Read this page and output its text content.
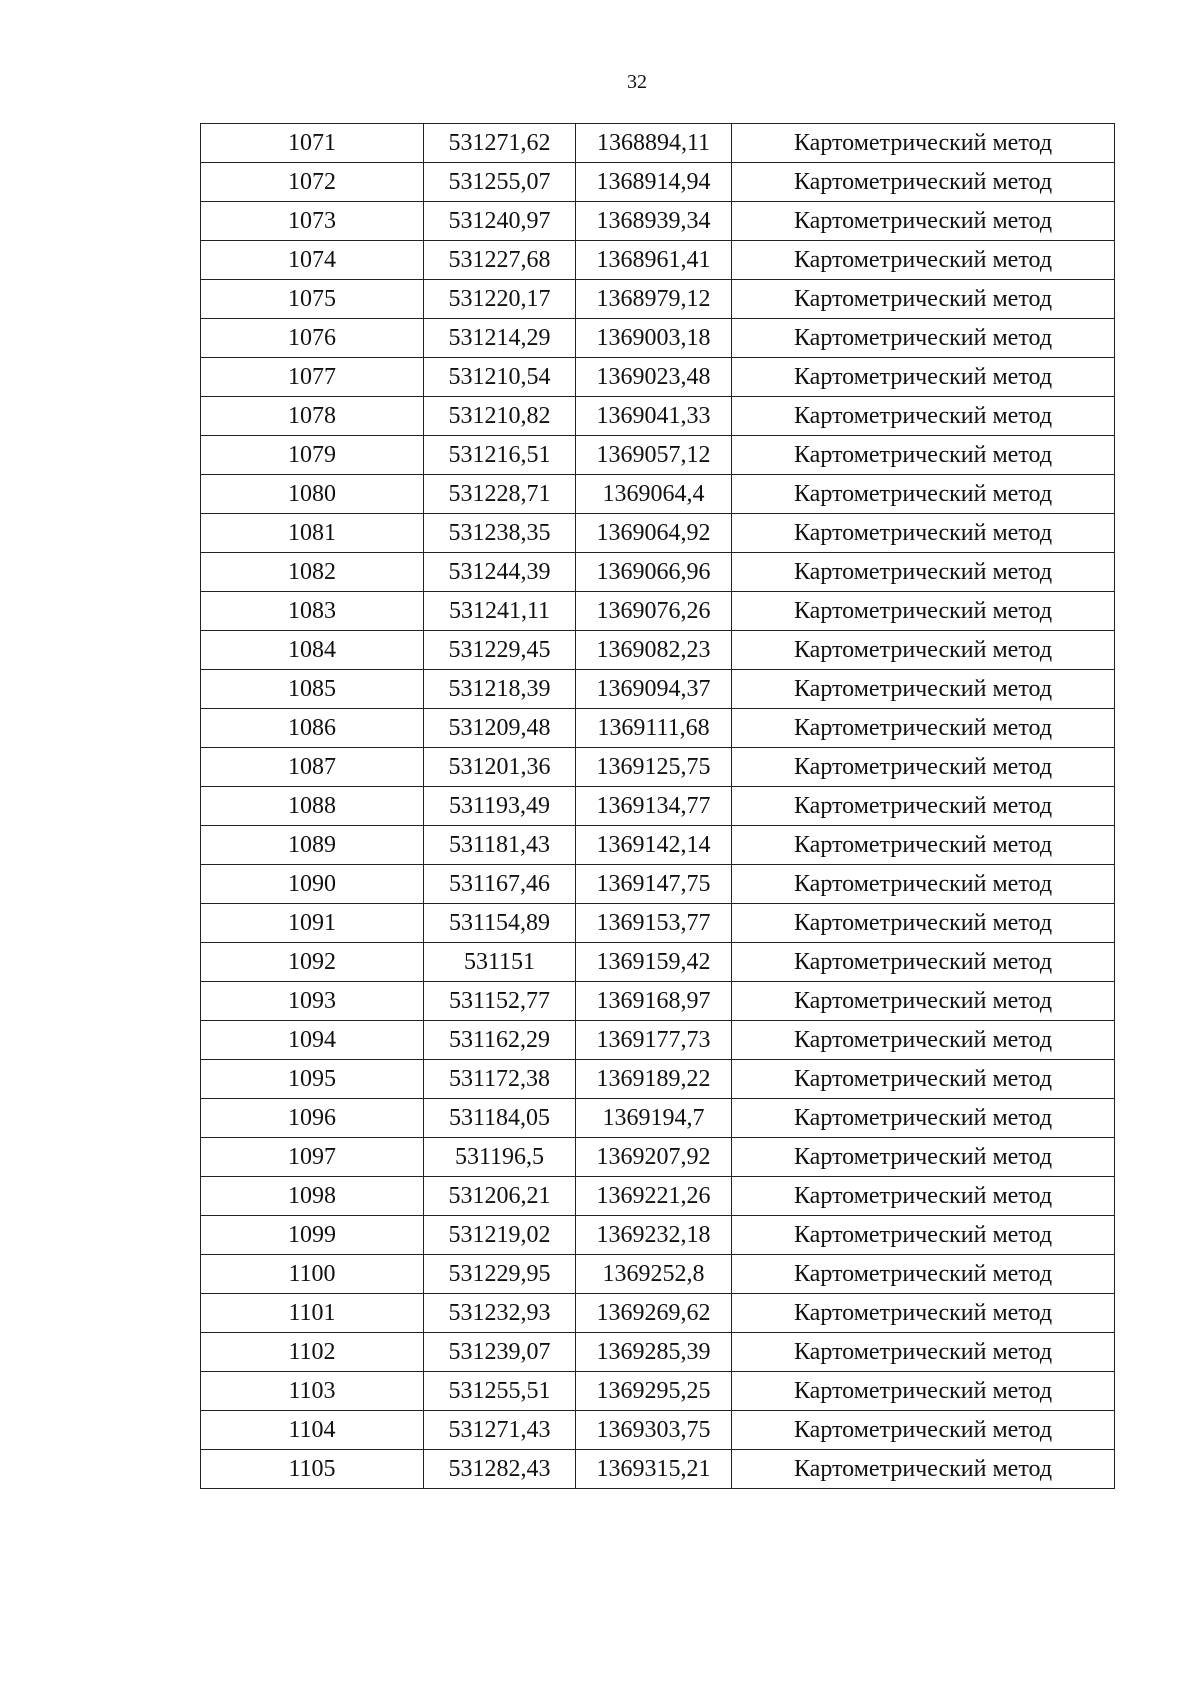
32
1071	531271,62	1368894,11	Картометрический метод
1072	531255,07	1368914,94	Картометрический метод
1073	531240,97	1368939,34	Картометрический метод
1074	531227,68	1368961,41	Картометрический метод
1075	531220,17	1368979,12	Картометрический метод
1076	531214,29	1369003,18	Картометрический метод
1077	531210,54	1369023,48	Картометрический метод
1078	531210,82	1369041,33	Картометрический метод
1079	531216,51	1369057,12	Картометрический метод
1080	531228,71	1369064,4	Картометрический метод
1081	531238,35	1369064,92	Картометрический метод
1082	531244,39	1369066,96	Картометрический метод
1083	531241,11	1369076,26	Картометрический метод
1084	531229,45	1369082,23	Картометрический метод
1085	531218,39	1369094,37	Картометрический метод
1086	531209,48	1369111,68	Картометрический метод
1087	531201,36	1369125,75	Картометрический метод
1088	531193,49	1369134,77	Картометрический метод
1089	531181,43	1369142,14	Картометрический метод
1090	531167,46	1369147,75	Картометрический метод
1091	531154,89	1369153,77	Картометрический метод
1092	531151	1369159,42	Картометрический метод
1093	531152,77	1369168,97	Картометрический метод
1094	531162,29	1369177,73	Картометрический метод
1095	531172,38	1369189,22	Картометрический метод
1096	531184,05	1369194,7	Картометрический метод
1097	531196,5	1369207,92	Картометрический метод
1098	531206,21	1369221,26	Картометрический метод
1099	531219,02	1369232,18	Картометрический метод
1100	531229,95	1369252,8	Картометрический метод
1101	531232,93	1369269,62	Картометрический метод
1102	531239,07	1369285,39	Картометрический метод
1103	531255,51	1369295,25	Картометрический метод
1104	531271,43	1369303,75	Картометрический метод
1105	531282,43	1369315,21	Картометрический метод
